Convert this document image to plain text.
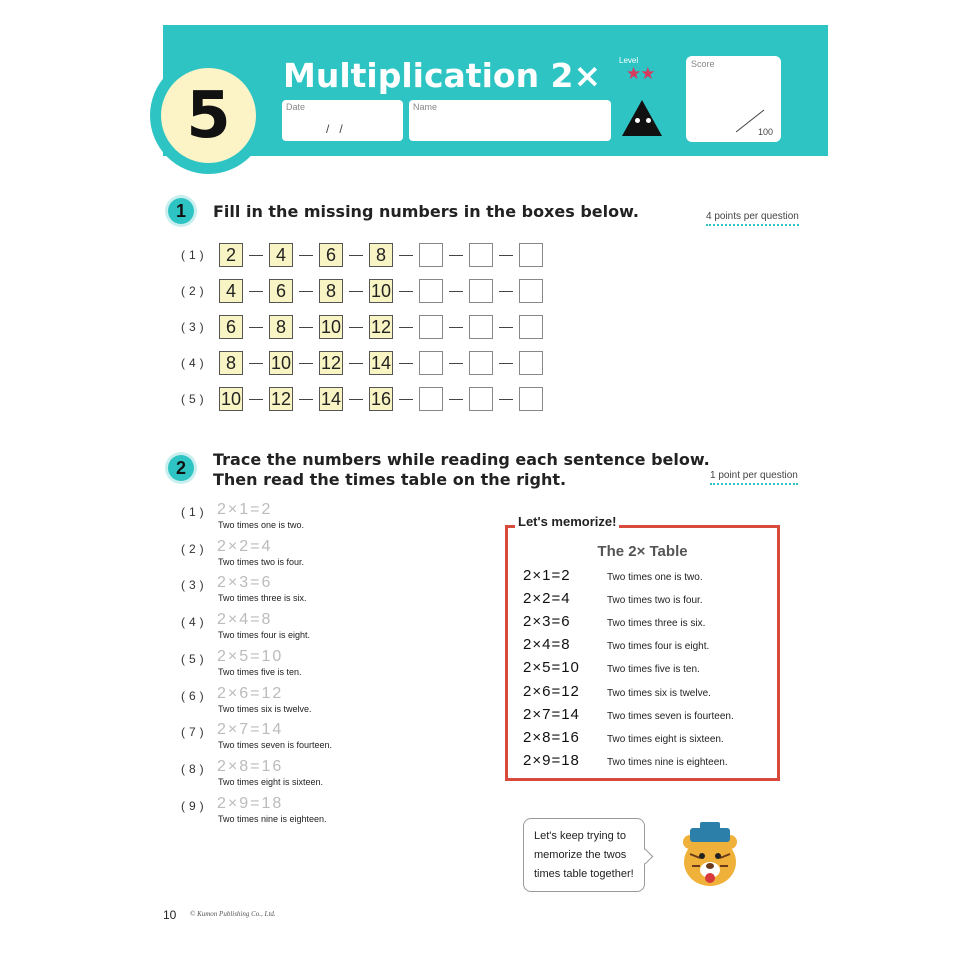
5
Multiplication 2×
Date
/   /
Name
Level
★★	Score
100
1	Fill in the missing numbers in the boxes below.	4 points per question
(1)	2	4	6	8
(2)	4	6	8	10
(3)	6	8	10 12
(4)	8	10 12 14
(5) 10 12 14 16
2	Trace the numbers while reading each sentence below.
Then read the times table on the right.	1 point per question
(1) 2×1=2
Two times one is two.
(2) 2×2=4
Two times two is four.
(3) 2×3=6
Two times three is six.
(4) 2×4=8
Two times four is eight.
(5) 2×5=10
Two times five is ten.
(6) 2×6=12
Two times six is twelve.
(7) 2×7=14
Two times seven is fourteen.
(8) 2×8=16
Two times eight is sixteen.
(9) 2×9=18
Two times nine is eighteen.
Let's memorize!
The 2× Table
2×1=2	Two times one is two.
2×2=4	Two times two is four.
2×3=6	Two times three is six.
2×4=8	Two times four is eight.
2×5=10	Two times five is ten.
2×6=12	Two times six is twelve.
2×7=14	Two times seven is fourteen.
2×8=16	Two times eight is sixteen.
2×9=18	Two times nine is eighteen.
Let's keep trying to
memorize the twos
times table together!
10 © Kumon Publishing Co., Ltd.
